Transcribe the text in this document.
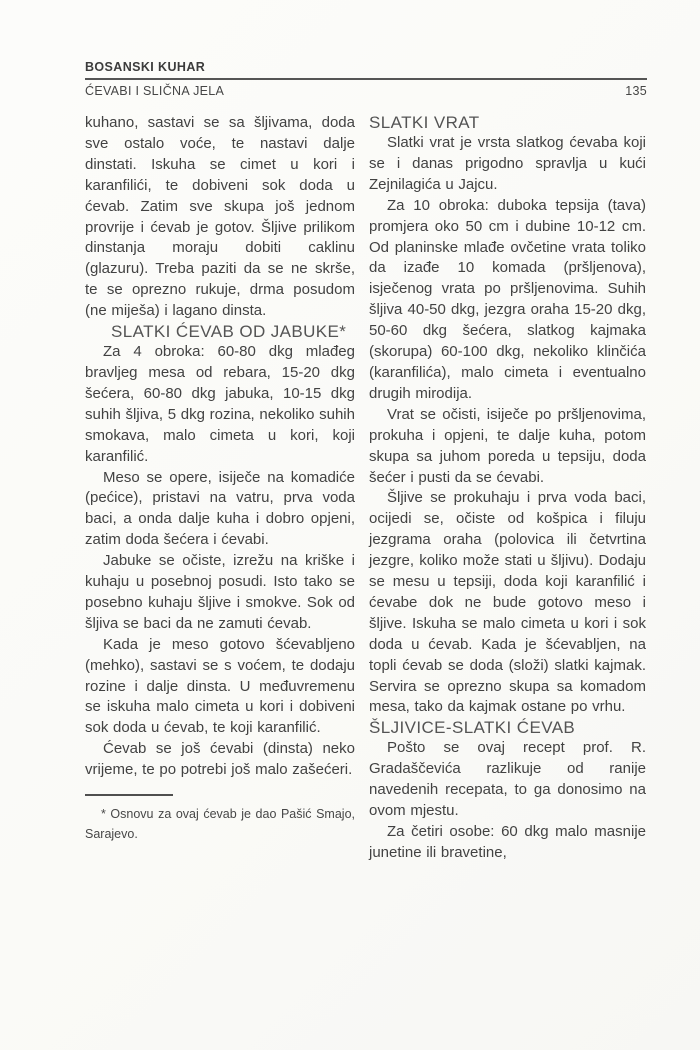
BOSANSKI KUHAR
ĆEVABI I SLIČNA JELA	135

kuhano, sastavi se sa šljivama, doda sve ostalo voće, te nastavi dalje dinstati. Iskuha se cimet u kori i karanfilići, te dobiveni sok doda u ćevab. Zatim sve skupa još jednom provrije i ćevab je gotov. Šljive prilikom dinstanja moraju dobiti caklinu (glazuru). Treba paziti da se ne skrše, te se oprezno rukuje, drma posudom (ne miješa) i lagano dinsta.

SLATKI ĆEVAB OD JABUKE*

Za 4 obroka: 60-80 dkg mlađeg bravljeg mesa od rebara, 15-20 dkg šećera, 60-80 dkg jabuka, 10-15 dkg suhih šljiva, 5 dkg rozina, nekoliko suhih smokava, malo cimeta u kori, koji karanfilić.

Meso se opere, isiječe na komadiće (pećice), pristavi na vatru, prva voda baci, a onda dalje kuha i dobro opjeni, zatim doda šećera i ćevabi.

Jabuke se očiste, izrežu na kriške i kuhaju u posebnoj posudi. Isto tako se posebno kuhaju šljive i smokve. Sok od šljiva se baci da ne zamuti ćevab.

Kada je meso gotovo šćevabljeno (mehko), sastavi se s voćem, te dodaju rozine i dalje dinsta. U međuvremenu se iskuha malo cimeta u kori i dobiveni sok doda u ćevab, te koji karanfilić.

Ćevab se još ćevabi (dinsta) neko vrijeme, te po potrebi još malo zašećeri.

* Osnovu za ovaj ćevab je dao Pašić Smajo, Sarajevo.

SLATKI VRAT

Slatki vrat je vrsta slatkog ćevaba koji se i danas prigodno spravlja u kući Zejnilagića u Jajcu.

Za 10 obroka: duboka tepsija (tava) promjera oko 50 cm i dubine 10-12 cm. Od planinske mlađe ovčetine vrata toliko da izađe 10 komada (pršljenova), isječenog vrata po pršljenovima. Suhih šljiva 40-50 dkg, jezgra oraha 15-20 dkg, 50-60 dkg šećera, slatkog kajmaka (skorupa) 60-100 dkg, nekoliko klinčića (karanfilića), malo cimeta i eventualno drugih mirodija.

Vrat se očisti, isiječe po pršljenovima, prokuha i opjeni, te dalje kuha, potom skupa sa juhom poreda u tepsiju, doda šećer i pusti da se ćevabi.

Šljive se prokuhaju i prva voda baci, ocijedi se, očiste od košpica i filuju jezgrama oraha (polovica ili četvrtina jezgre, koliko može stati u šljivu). Dodaju se mesu u tepsiji, doda koji karanfilić i ćevabe dok ne bude gotovo meso i šljive. Iskuha se malo cimeta u kori i sok doda u ćevab. Kada je šćevabljen, na topli ćevab se doda (složi) slatki kajmak. Servira se oprezno skupa sa komadom mesa, tako da kajmak ostane po vrhu.

ŠLJIVICE-SLATKI ĆEVAB

Pošto se ovaj recept prof. R. Gradaščevića razlikuje od ranije navedenih recepata, to ga donosimo na ovom mjestu.

Za četiri osobe: 60 dkg malo masnije junetine ili bravetine,
